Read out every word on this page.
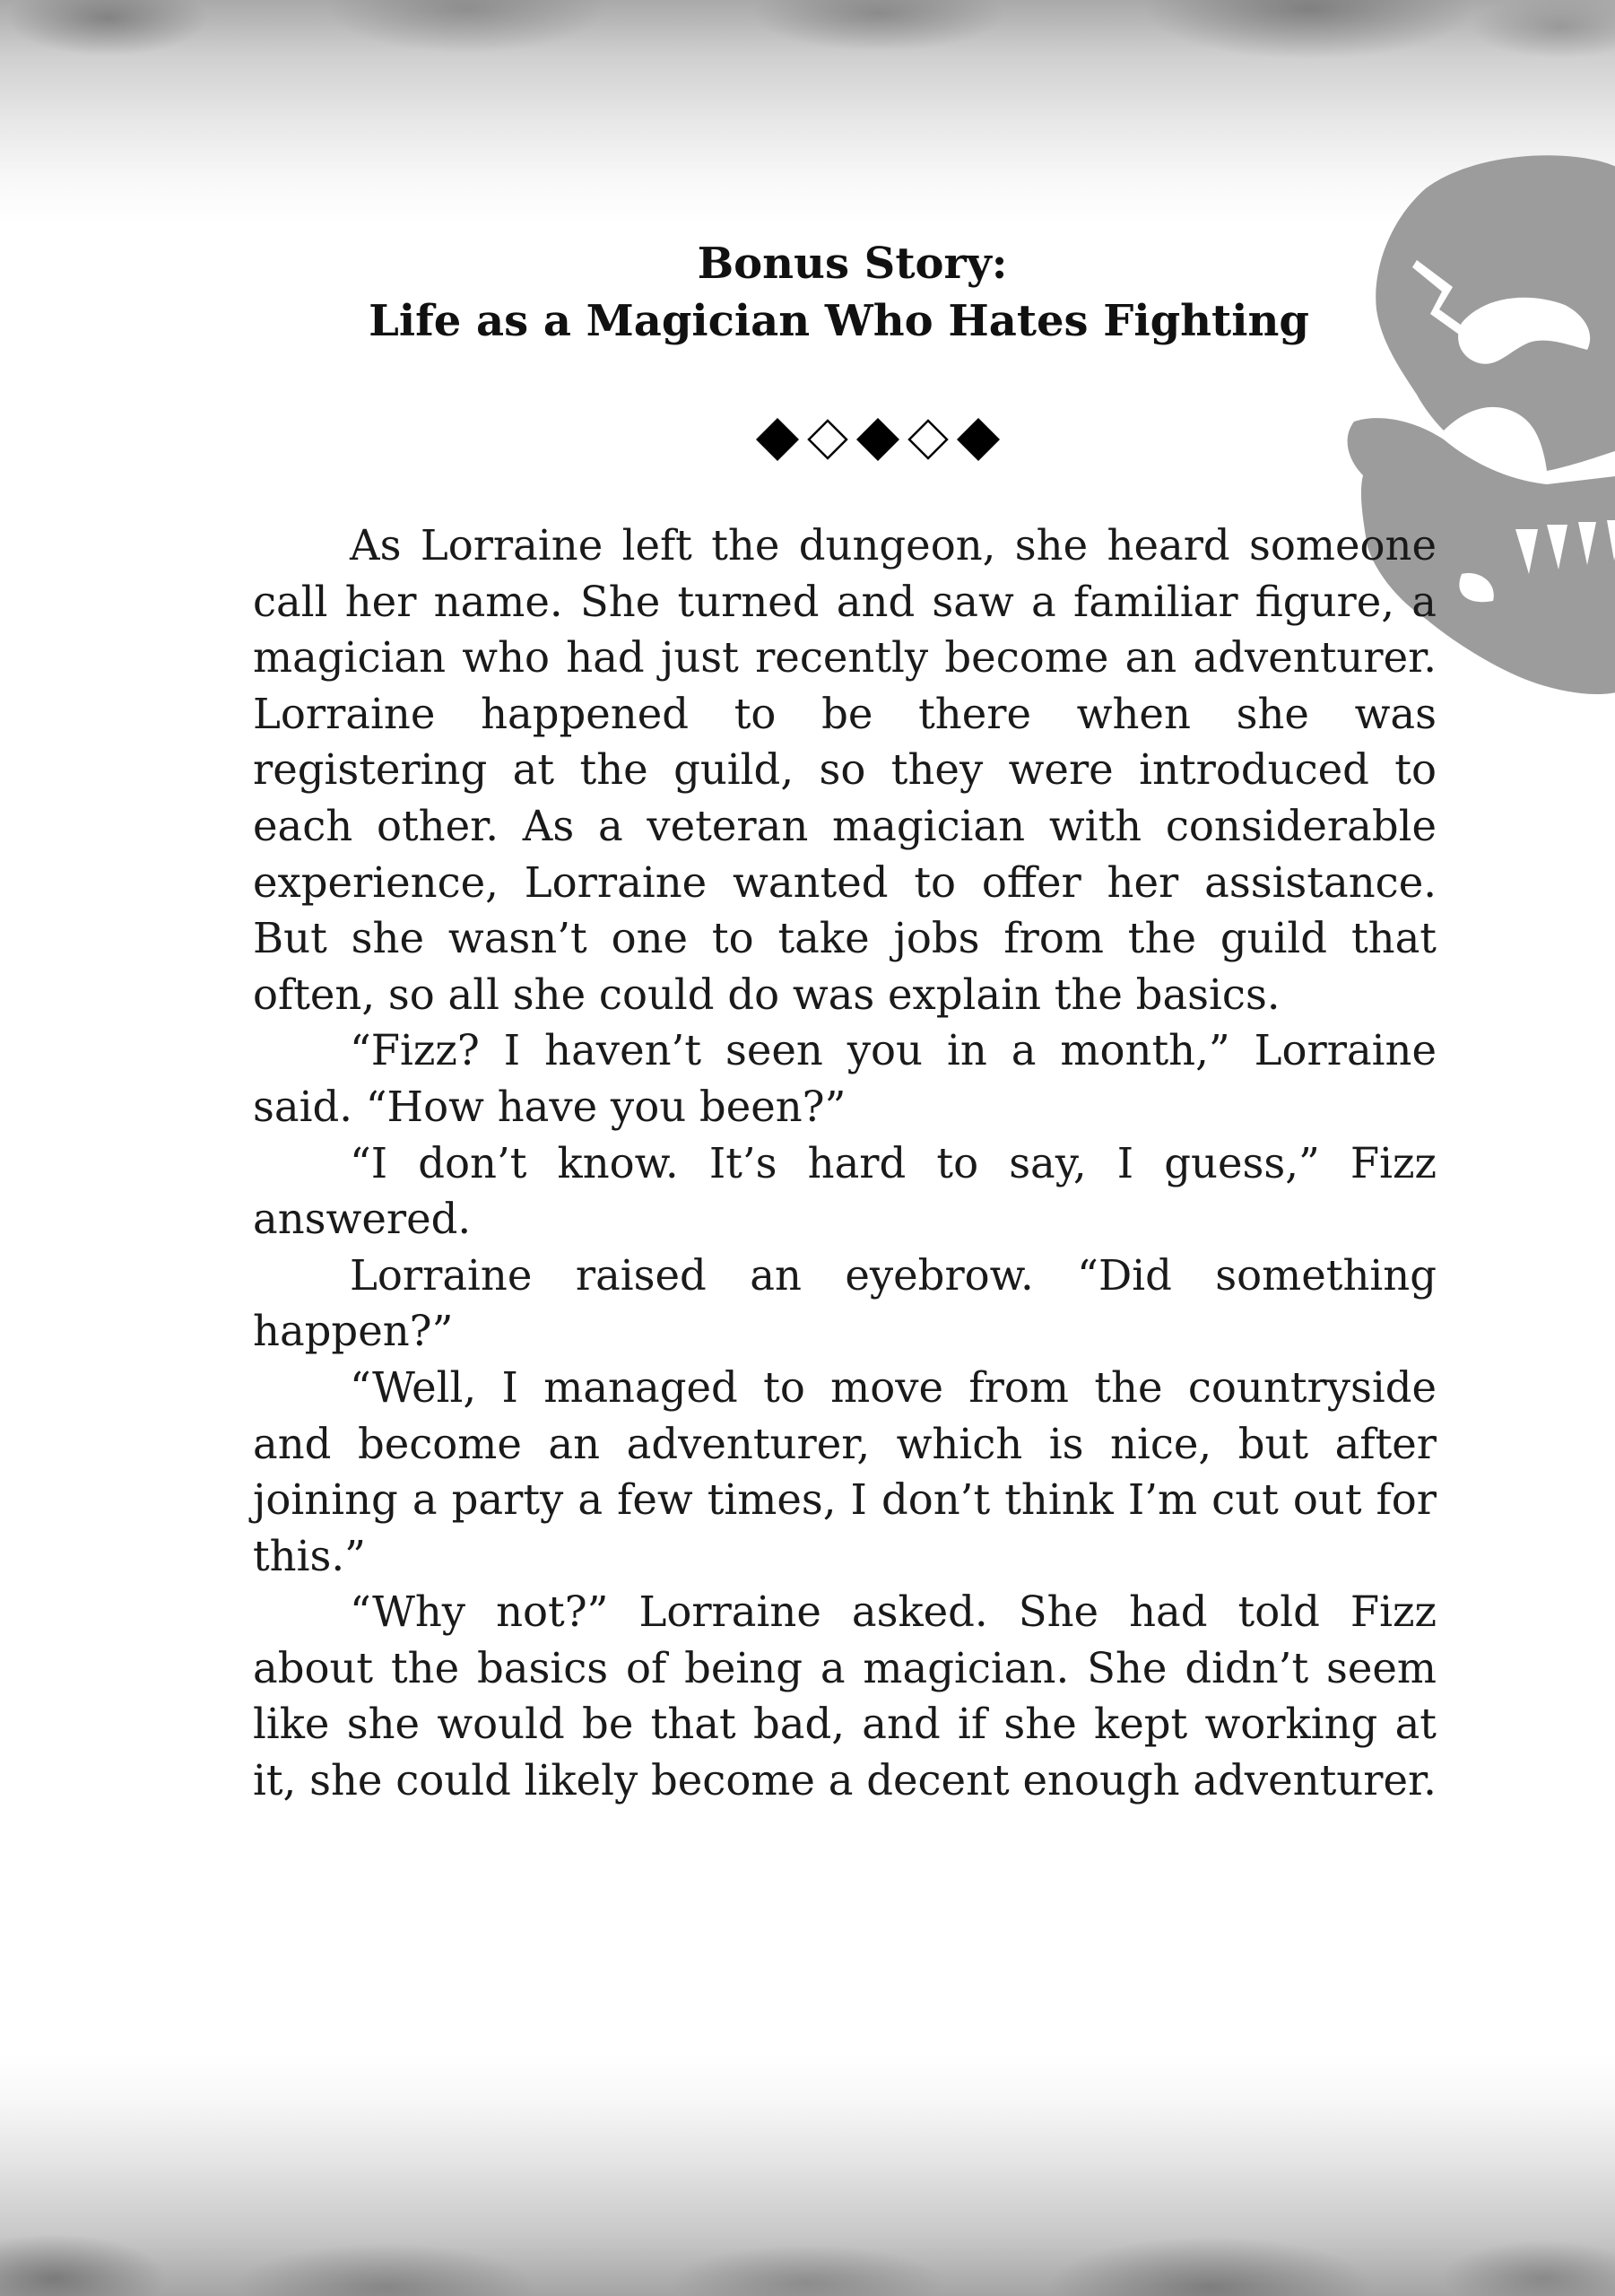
Bonus Story:
Life as a Magician Who Hates Fighting

As Lorraine left the dungeon, she heard someone call her name. She turned and saw a familiar figure, a magician who had just recently become an adventurer. Lorraine happened to be there when she was registering at the guild, so they were introduced to each other. As a veteran magician with considerable experience, Lorraine wanted to offer her assistance. But she wasn’t one to take jobs from the guild that often, so all she could do was explain the basics.

“Fizz? I haven’t seen you in a month,” Lorraine said. “How have you been?”

“I don’t know. It’s hard to say, I guess,” Fizz answered.

Lorraine raised an eyebrow. “Did something happen?”

“Well, I managed to move from the countryside and become an adventurer, which is nice, but after joining a party a few times, I don’t think I’m cut out for this.”

“Why not?” Lorraine asked. She had told Fizz about the basics of being a magician. She didn’t seem like she would be that bad, and if she kept working at it, she could likely become a decent enough adventurer.
